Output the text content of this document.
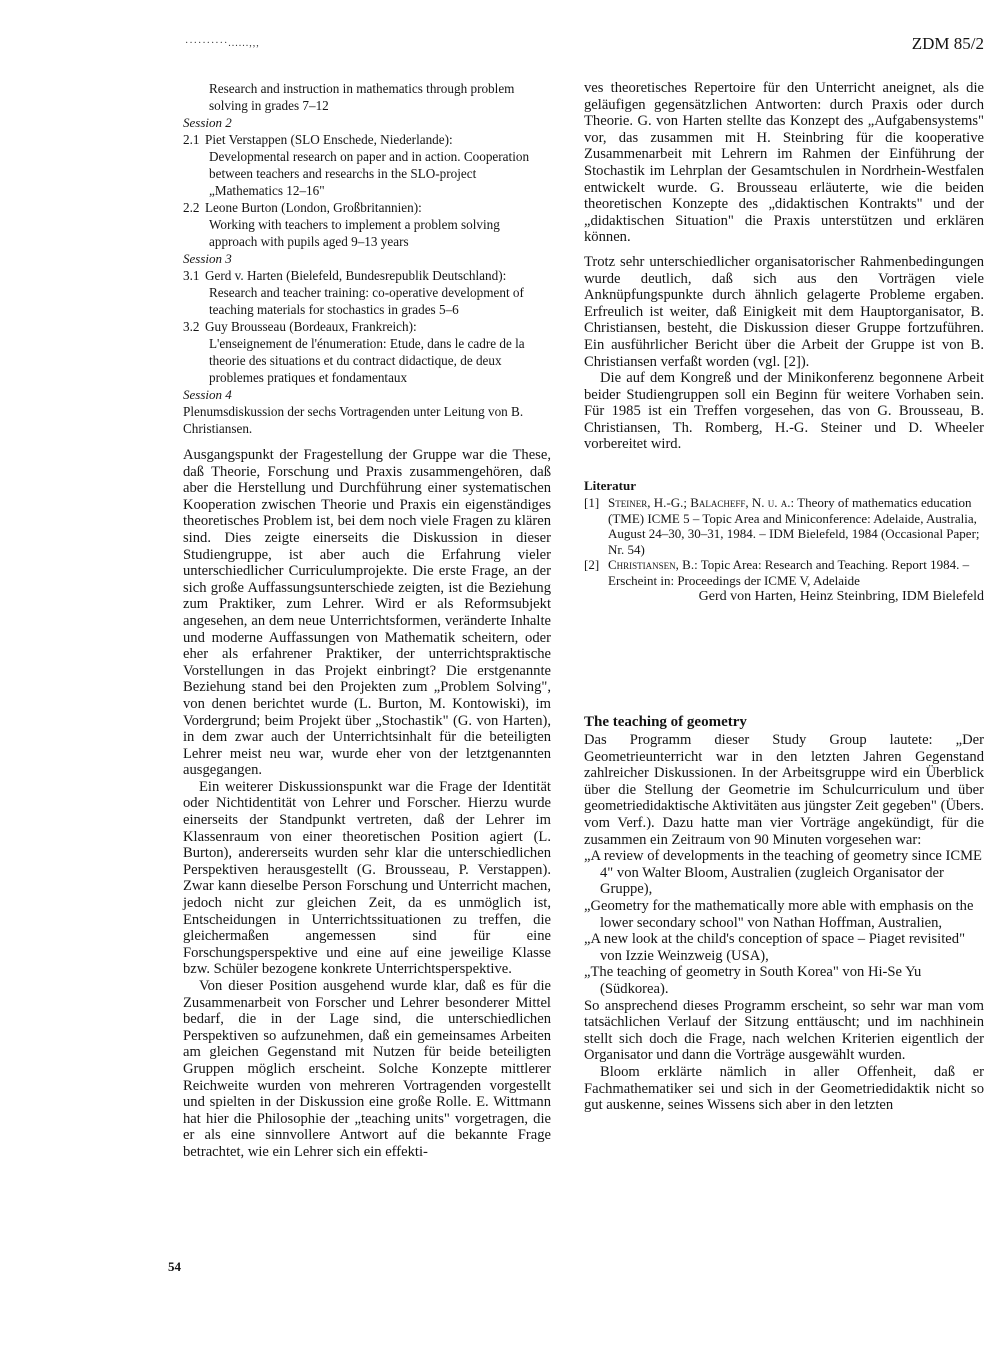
··········......,,,	ZDM 85/2

Research and instruction in mathematics through problem solving in grades 7–12

Session 2

2.1 Piet Verstappen (SLO Enschede, Niederlande):

Developmental research on paper and in action. Cooperation between teachers and researchs in the SLO-project „Mathematics 12–16"

2.2 Leone Burton (London, Großbritannien):

Working with teachers to implement a problem solving approach with pupils aged 9–13 years

Session 3

3.1 Gerd v. Harten (Bielefeld, Bundesrepublik Deutschland):

Research and teacher training: co-operative development of teaching materials for stochastics in grades 5–6

3.2 Guy Brousseau (Bordeaux, Frankreich):

L'enseignement de l'énumeration: Etude, dans le cadre de la theorie des situations et du contract didactique, de deux problemes pratiques et fondamentaux

Session 4

Plenumsdiskussion der sechs Vortragenden unter Leitung von B. Christiansen.

Ausgangspunkt der Fragestellung der Gruppe war die These, daß Theorie, Forschung und Praxis zusammengehören, daß aber die Herstellung und Durchführung einer systematischen Kooperation zwischen Theorie und Praxis ein eigenständiges theoretisches Problem ist, bei dem noch viele Fragen zu klären sind. Dies zeigte einerseits die Diskussion in dieser Studiengruppe, ist aber auch die Erfahrung vieler unterschiedlicher Curriculumprojekte. Die erste Frage, an der sich große Auffassungsunterschiede zeigten, ist die Beziehung zum Praktiker, zum Lehrer. Wird er als Reformsubjekt angesehen, an dem neue Unterrichtsformen, veränderte Inhalte und moderne Auffassungen von Mathematik scheitern, oder eher als erfahrener Praktiker, der unterrichtspraktische Vorstellungen in das Projekt einbringt? Die erstgenannte Beziehung stand bei den Projekten zum „Problem Solving", von denen berichtet wurde (L. Burton, M. Kontowiski), im Vordergrund; beim Projekt über „Stochastik" (G. von Harten), in dem zwar auch der Unterrichtsinhalt für die beteiligten Lehrer meist neu war, wurde eher von der letztgenannten ausgegangen.

Ein weiterer Diskussionspunkt war die Frage der Identität oder Nichtidentität von Lehrer und Forscher. Hierzu wurde einerseits der Standpunkt vertreten, daß der Lehrer im Klassenraum von einer theoretischen Position agiert (L. Burton), andererseits wurden sehr klar die unterschiedlichen Perspektiven herausgestellt (G. Brousseau, P. Verstappen). Zwar kann dieselbe Person Forschung und Unterricht machen, jedoch nicht zur gleichen Zeit, da es unmöglich ist, Entscheidungen in Unterrichtssituationen zu treffen, die gleichermaßen angemessen sind für eine Forschungsperspektive und eine auf eine jeweilige Klasse bzw. Schüler bezogene konkrete Unterrichtsperspektive.

Von dieser Position ausgehend wurde klar, daß es für die Zusammenarbeit von Forscher und Lehrer besonderer Mittel bedarf, die in der Lage sind, die unterschiedlichen Perspektiven so aufzunehmen, daß ein gemeinsames Arbeiten am gleichen Gegenstand mit Nutzen für beide beteiligten Gruppen möglich erscheint. Solche Konzepte mittlerer Reichweite wurden von mehreren Vortragenden vorgestellt und spielten in der Diskussion eine große Rolle. E. Wittmann hat hier die Philosophie der „teaching units" vorgetragen, die er als eine sinnvollere Antwort auf die bekannte Frage betrachtet, wie ein Lehrer sich ein effekti-

54

ves theoretisches Repertoire für den Unterricht aneignet, als die geläufigen gegensätzlichen Antworten: durch Praxis oder durch Theorie. G. von Harten stellte das Konzept des „Aufgabensystems" vor, das zusammen mit H. Steinbring für die kooperative Zusammenarbeit mit Lehrern im Rahmen der Einführung der Stochastik im Lehrplan der Gesamtschulen in Nordrhein-Westfalen entwickelt wurde. G. Brousseau erläuterte, wie die beiden theoretischen Konzepte des „didaktischen Kontrakts" und der „didaktischen Situation" die Praxis unterstützen und erklären können.

Trotz sehr unterschiedlicher organisatorischer Rahmenbedingungen wurde deutlich, daß sich aus den Vorträgen viele Anknüpfungspunkte durch ähnlich gelagerte Probleme ergaben. Erfreulich ist weiter, daß Einigkeit mit dem Hauptorganisator, B. Christiansen, besteht, die Diskussion dieser Gruppe fortzuführen. Ein ausführlicher Bericht über die Arbeit der Gruppe ist von B. Christiansen verfaßt worden (vgl. [2]).

Die auf dem Kongreß und der Minikonferenz begonnene Arbeit beider Studiengruppen soll ein Beginn für weitere Vorhaben sein. Für 1985 ist ein Treffen vorgesehen, das von G. Brousseau, B. Christiansen, Th. Romberg, H.-G. Steiner und D. Wheeler vorbereitet wird.

Literatur

[1] Steiner, H.-G.; Balacheff, N. u. a.: Theory of mathematics education (TME) ICME 5 – Topic Area and Miniconference: Adelaide, Australia, August 24–30, 30–31, 1984. – IDM Bielefeld, 1984 (Occasional Paper; Nr. 54)
[2] Christiansen, B.: Topic Area: Research and Teaching. Report 1984. – Erscheint in: Proceedings der ICME V, Adelaide

Gerd von Harten, Heinz Steinbring, IDM Bielefeld

The teaching of geometry

Das Programm dieser Study Group lautete: „Der Geometrieunterricht war in den letzten Jahren Gegenstand zahlreicher Diskussionen. In der Arbeitsgruppe wird ein Überblick über die Stellung der Geometrie im Schulcurriculum und über geometriedidaktische Aktivitäten aus jüngster Zeit gegeben" (Übers. vom Verf.). Dazu hatte man vier Vorträge angekündigt, für die zusammen ein Zeitraum von 90 Minuten vorgesehen war:

„A review of developments in the teaching of geometry since ICME 4" von Walter Bloom, Australien (zugleich Organisator der Gruppe),

„Geometry for the mathematically more able with emphasis on the lower secondary school" von Nathan Hoffman, Australien,

„A new look at the child's conception of space – Piaget revisited" von Izzie Weinzweig (USA),

„The teaching of geometry in South Korea" von Hi-Se Yu (Südkorea).

So ansprechend dieses Programm erscheint, so sehr war man vom tatsächlichen Verlauf der Sitzung enttäuscht; und im nachhinein stellt sich doch die Frage, nach welchen Kriterien eigentlich der Organisator und dann die Vorträge ausgewählt wurden.

Bloom erklärte nämlich in aller Offenheit, daß er Fachmathematiker sei und sich in der Geometriedidaktik nicht so gut auskenne, seines Wissens sich aber in den letzten
